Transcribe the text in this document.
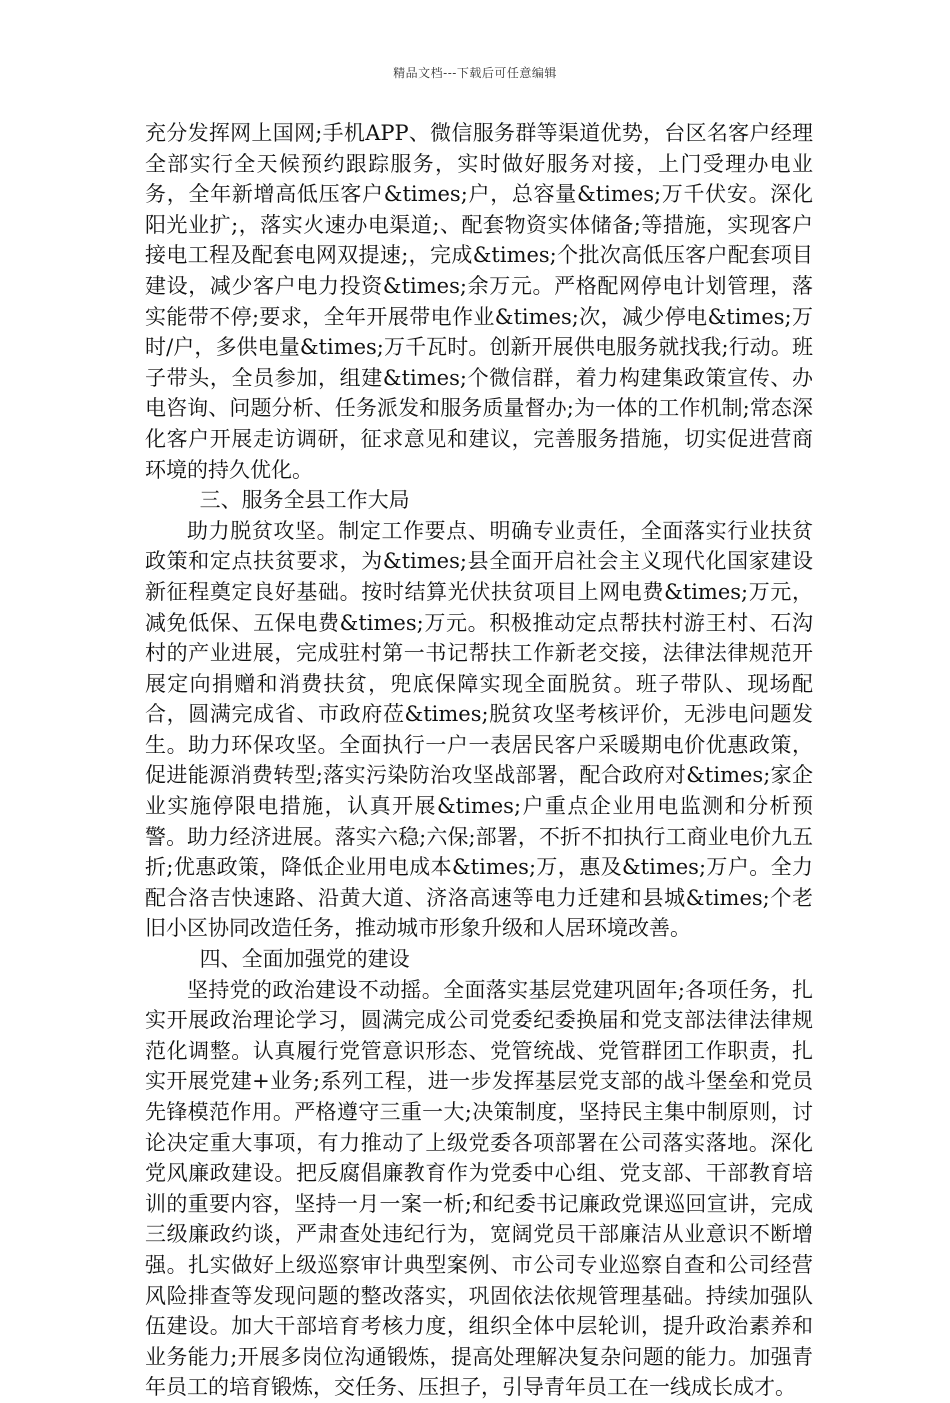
精品文档---下载后可任意编辑

充分发挥网上国网;手机APP、微信服务群等渠道优势，台区名客户经理全部实行全天候预约跟踪服务，实时做好服务对接，上门受理办电业务，全年新增高低压客户&times;户，总容量&times;万千伏安。深化阳光业扩;，落实火速办电渠道;、配套物资实体储备;等措施，实现客户接电工程及配套电网双提速;，完成&times;个批次高低压客户配套项目建设，减少客户电力投资&times;余万元。严格配网停电计划管理，落实能带不停;要求，全年开展带电作业&times;次，减少停电&times;万时/户，多供电量&times;万千瓦时。创新开展供电服务就找我;行动。班子带头，全员参加，组建&times;个微信群，着力构建集政策宣传、办电咨询、问题分析、任务派发和服务质量督办;为一体的工作机制;常态深化客户开展走访调研，征求意见和建议，完善服务措施，切实促进营商环境的持久优化。

三、服务全县工作大局

助力脱贫攻坚。制定工作要点、明确专业责任，全面落实行业扶贫政策和定点扶贫要求，为&times;县全面开启社会主义现代化国家建设新征程奠定良好基础。按时结算光伏扶贫项目上网电费&times;万元，减免低保、五保电费&times;万元。积极推动定点帮扶村游王村、石沟村的产业进展，完成驻村第一书记帮扶工作新老交接，法律法律规范开展定向捐赠和消费扶贫，兜底保障实现全面脱贫。班子带队、现场配合，圆满完成省、市政府莅&times;脱贫攻坚考核评价，无涉电问题发生。助力环保攻坚。全面执行一户一表居民客户采暖期电价优惠政策，促进能源消费转型;落实污染防治攻坚战部署，配合政府对&times;家企业实施停限电措施，认真开展&times;户重点企业用电监测和分析预警。助力经济进展。落实六稳;六保;部署，不折不扣执行工商业电价九五折;优惠政策，降低企业用电成本&times;万，惠及&times;万户。全力配合洛吉快速路、沿黄大道、济洛高速等电力迁建和县城&times;个老旧小区协同改造任务，推动城市形象升级和人居环境改善。

四、全面加强党的建设

坚持党的政治建设不动摇。全面落实基层党建巩固年;各项任务，扎实开展政治理论学习，圆满完成公司党委纪委换届和党支部法律法律规范化调整。认真履行党管意识形态、党管统战、党管群团工作职责，扎实开展党建+业务;系列工程，进一步发挥基层党支部的战斗堡垒和党员先锋模范作用。严格遵守三重一大;决策制度，坚持民主集中制原则，讨论决定重大事项，有力推动了上级党委各项部署在公司落实落地。深化党风廉政建设。把反腐倡廉教育作为党委中心组、党支部、干部教育培训的重要内容，坚持一月一案一析;和纪委书记廉政党课巡回宣讲，完成三级廉政约谈，严肃查处违纪行为，宽阔党员干部廉洁从业意识不断增强。扎实做好上级巡察审计典型案例、市公司专业巡察自查和公司经营风险排查等发现问题的整改落实，巩固依法依规管理基础。持续加强队伍建设。加大干部培育考核力度，组织全体中层轮训，提升政治素养和业务能力;开展多岗位沟通锻炼，提高处理解决复杂问题的能力。加强青年员工的培育锻炼，交任务、压担子，引导青年员工在一线成长成才。
